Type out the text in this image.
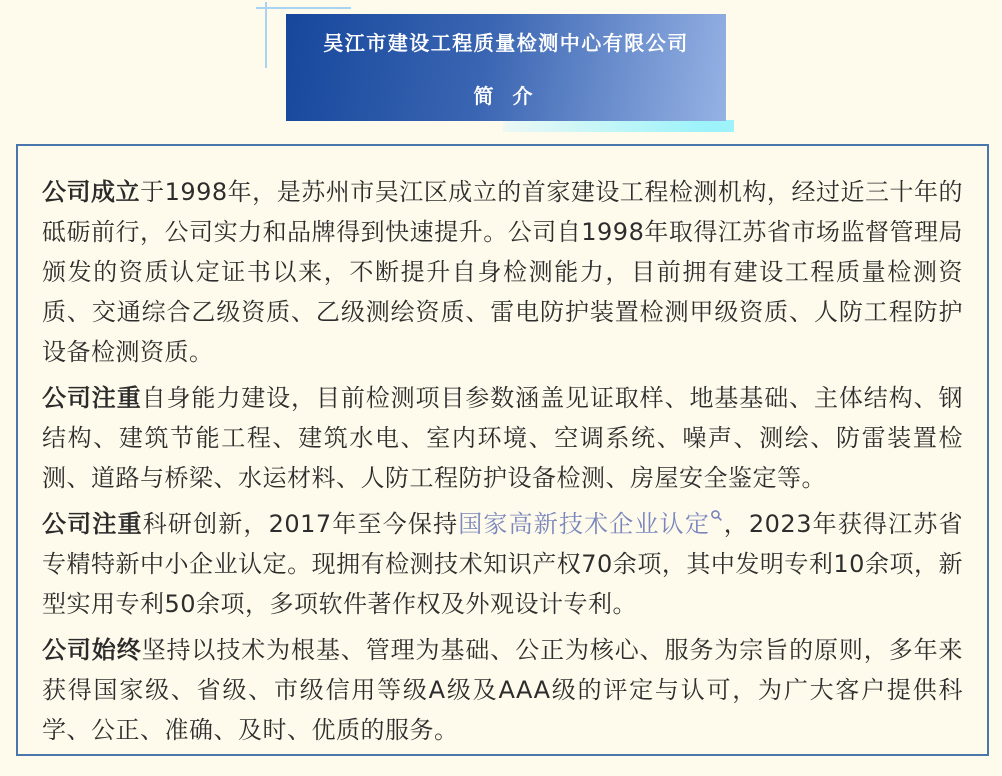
吴江市建设工程质量检测中心有限公司
简 介

公司成立于1998年，是苏州市吴江区成立的首家建设工程检测机构，经过近三十年的砥砺前行，公司实力和品牌得到快速提升。公司自1998年取得江苏省市场监督管理局颁发的资质认定证书以来，不断提升自身检测能力，目前拥有建设工程质量检测资质、交通综合乙级资质、乙级测绘资质、雷电防护装置检测甲级资质、人防工程防护设备检测资质。

公司注重自身能力建设，目前检测项目参数涵盖见证取样、地基基础、主体结构、钢结构、建筑节能工程、建筑水电、室内环境、空调系统、噪声、测绘、防雷装置检测、道路与桥梁、水运材料、人防工程防护设备检测、房屋安全鉴定等。

公司注重科研创新，2017年至今保持国家高新技术企业认定 ，2023年获得江苏省专精特新中小企业认定。现拥有检测技术知识产权70余项，其中发明专利10余项，新型实用专利50余项，多项软件著作权及外观设计专利。

公司始终坚持以技术为根基、管理为基础、公正为核心、服务为宗旨的原则，多年来获得国家级、省级、市级信用等级A级及AAA级的评定与认可，为广大客户提供科学、公正、准确、及时、优质的服务。
